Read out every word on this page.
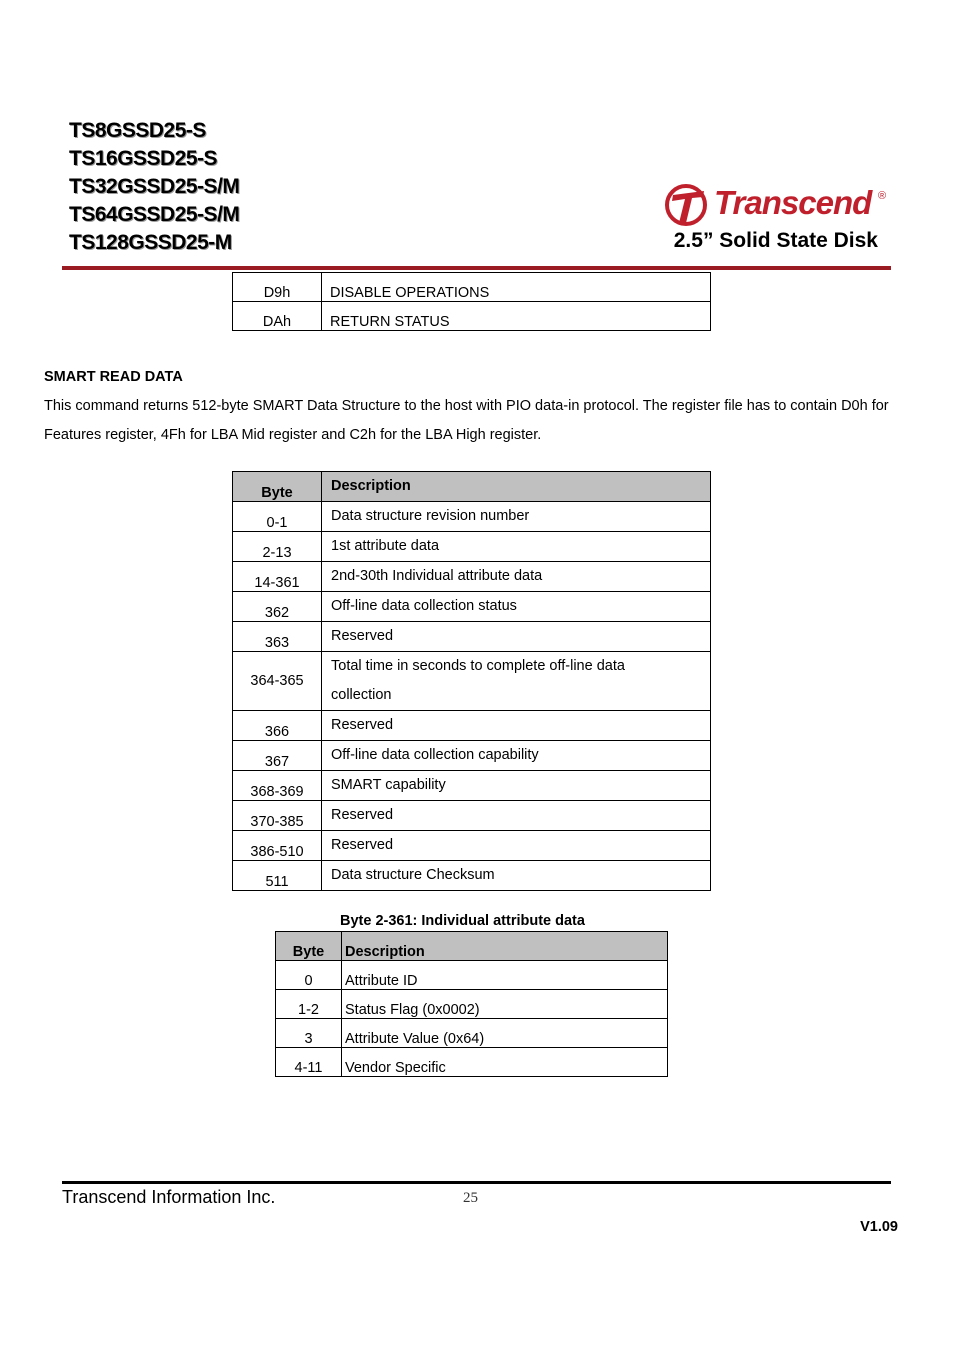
TS8GSSD25-S
TS16GSSD25-S
TS32GSSD25-S/M
TS64GSSD25-S/M
TS128GSSD25-M
Transcend ®
2.5” Solid State Disk
D9h	DISABLE OPERATIONS
DAh	RETURN STATUS
SMART READ DATA
This command returns 512-byte SMART Data Structure to the host with PIO data-in protocol. The register file has to contain D0h for Features register, 4Fh for LBA Mid register and C2h for the LBA High register.
Byte	Description
0-1	Data structure revision number
2-13	1st attribute data
14-361	2nd-30th Individual attribute data
362	Off-line data collection status
363	Reserved
364-365	Total time in seconds to complete off-line data collection
366	Reserved
367	Off-line data collection capability
368-369	SMART capability
370-385	Reserved
386-510	Reserved
511	Data structure Checksum
Byte 2-361: Individual attribute data
Byte	Description
0	Attribute ID
1-2	Status Flag (0x0002)
3	Attribute Value (0x64)
4-11	Vendor Specific
Transcend Information Inc.	25
V1.09
